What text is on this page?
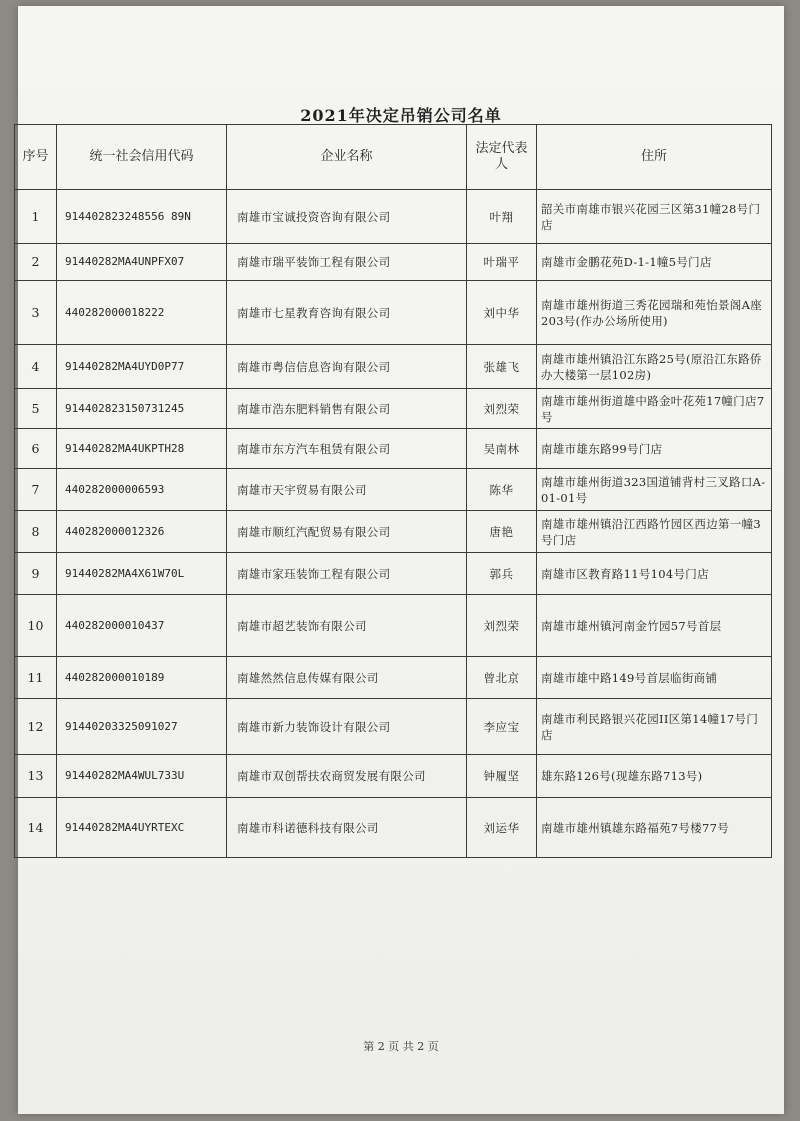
2021年决定吊销公司名单
序号	统一社会信用代码	企业名称	法定代表人	住所
1	914402823248556 89N	南雄市宝诚投资咨询有限公司	叶翔	韶关市南雄市银兴花园三区第31幢28号门店
2	91440282MA4UNPFX07	南雄市瑞平装饰工程有限公司	叶瑞平	南雄市金鹏花苑D-1-1幢5号门店
3	440282000018222	南雄市七星教育咨询有限公司	刘中华	南雄市雄州街道三秀花园瑞和苑怡景阁A座203号(作办公场所使用)
4	91440282MA4UYD0P77	南雄市粤信信息咨询有限公司	张雄飞	南雄市雄州镇沿江东路25号(原沿江东路侨办大楼第一层102房)
5	914402823150731245	南雄市浩东肥料销售有限公司	刘烈荣	南雄市雄州街道雄中路金叶花苑17幢门店7号
6	91440282MA4UKPTH28	南雄市东方汽车租赁有限公司	吴南林	南雄市雄东路99号门店
7	440282000006593	南雄市天宇贸易有限公司	陈华	南雄市雄州街道323国道铺背村三叉路口A-01-01号
8	440282000012326	南雄市顺红汽配贸易有限公司	唐艳	南雄市雄州镇沿江西路竹园区西边第一幢3号门店
9	91440282MA4X61W70L	南雄市家珏装饰工程有限公司	郭兵	南雄市区教育路11号104号门店
10	440282000010437	南雄市超艺装饰有限公司	刘烈荣	南雄市雄州镇河南金竹园57号首层
11	440282000010189	南雄然然信息传媒有限公司	曾北京	南雄市雄中路149号首层临街商铺
12	91440203325091027	南雄市新力装饰设计有限公司	李应宝	南雄市利民路银兴花园II区第14幢17号门店
13	91440282MA4WUL733U	南雄市双创帮扶农商贸发展有限公司	钟履坚	雄东路126号(现雄东路713号)
14	91440282MA4UYRTEXC	南雄市科诺德科技有限公司	刘运华	南雄市雄州镇雄东路福苑7号楼77号
第 2 页 共 2 页
